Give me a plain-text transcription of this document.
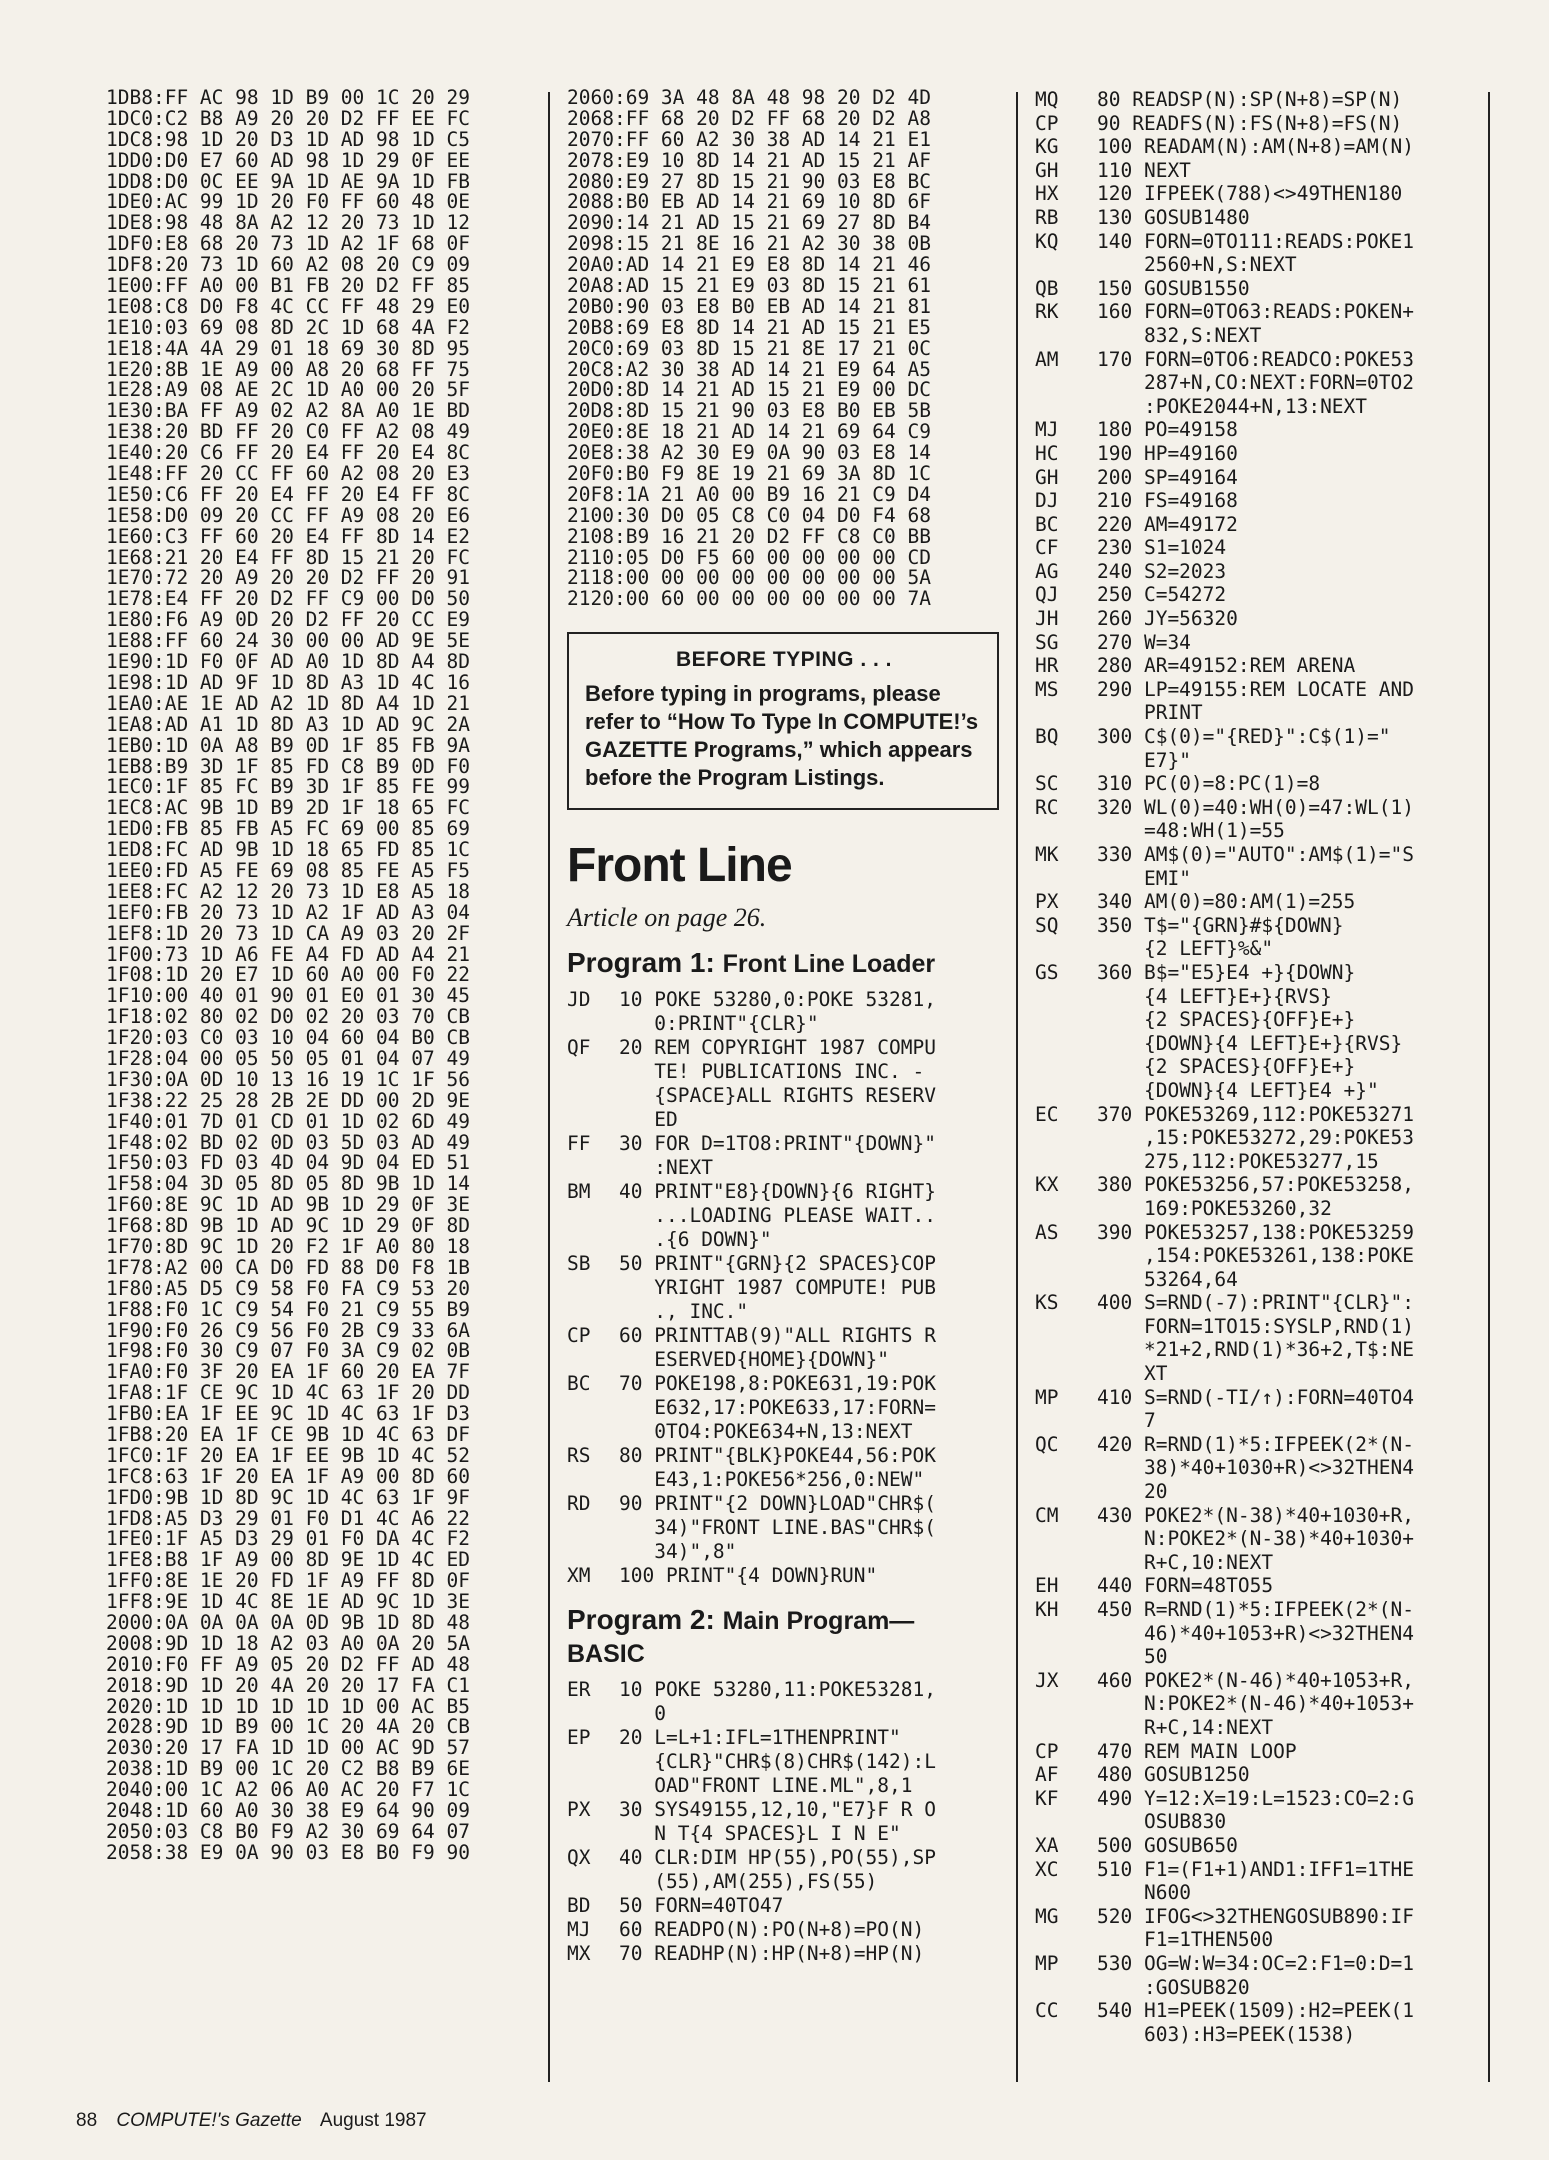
1DB8:FF AC 98 1D B9 00 1C 20 29
1DC0:C2 B8 A9 20 20 D2 FF EE FC
1DC8:98 1D 20 D3 1D AD 98 1D C5
1DD0:D0 E7 60 AD 98 1D 29 0F EE
1DD8:D0 0C EE 9A 1D AE 9A 1D FB
1DE0:AC 99 1D 20 F0 FF 60 48 0E
1DE8:98 48 8A A2 12 20 73 1D 12
1DF0:E8 68 20 73 1D A2 1F 68 0F
1DF8:20 73 1D 60 A2 08 20 C9 09
1E00:FF A0 00 B1 FB 20 D2 FF 85
1E08:C8 D0 F8 4C CC FF 48 29 E0
1E10:03 69 08 8D 2C 1D 68 4A F2
1E18:4A 4A 29 01 18 69 30 8D 95
1E20:8B 1E A9 00 A8 20 68 FF 75
1E28:A9 08 AE 2C 1D A0 00 20 5F
1E30:BA FF A9 02 A2 8A A0 1E BD
1E38:20 BD FF 20 C0 FF A2 08 49
1E40:20 C6 FF 20 E4 FF 20 E4 8C
1E48:FF 20 CC FF 60 A2 08 20 E3
1E50:C6 FF 20 E4 FF 20 E4 FF 8C
1E58:D0 09 20 CC FF A9 08 20 E6
1E60:C3 FF 60 20 E4 FF 8D 14 E2
1E68:21 20 E4 FF 8D 15 21 20 FC
1E70:72 20 A9 20 20 D2 FF 20 91
1E78:E4 FF 20 D2 FF C9 00 D0 50
1E80:F6 A9 0D 20 D2 FF 20 CC E9
1E88:FF 60 24 30 00 00 AD 9E 5E
1E90:1D F0 0F AD A0 1D 8D A4 8D
1E98:1D AD 9F 1D 8D A3 1D 4C 16
1EA0:AE 1E AD A2 1D 8D A4 1D 21
1EA8:AD A1 1D 8D A3 1D AD 9C 2A
1EB0:1D 0A A8 B9 0D 1F 85 FB 9A
1EB8:B9 3D 1F 85 FD C8 B9 0D F0
1EC0:1F 85 FC B9 3D 1F 85 FE 99
1EC8:AC 9B 1D B9 2D 1F 18 65 FC
1ED0:FB 85 FB A5 FC 69 00 85 69
1ED8:FC AD 9B 1D 18 65 FD 85 1C
1EE0:FD A5 FE 69 08 85 FE A5 F5
1EE8:FC A2 12 20 73 1D E8 A5 18
1EF0:FB 20 73 1D A2 1F AD A3 04
1EF8:1D 20 73 1D CA A9 03 20 2F
1F00:73 1D A6 FE A4 FD AD A4 21
1F08:1D 20 E7 1D 60 A0 00 F0 22
1F10:00 40 01 90 01 E0 01 30 45
1F18:02 80 02 D0 02 20 03 70 CB
1F20:03 C0 03 10 04 60 04 B0 CB
1F28:04 00 05 50 05 01 04 07 49
1F30:0A 0D 10 13 16 19 1C 1F 56
1F38:22 25 28 2B 2E DD 00 2D 9E
1F40:01 7D 01 CD 01 1D 02 6D 49
1F48:02 BD 02 0D 03 5D 03 AD 49
1F50:03 FD 03 4D 04 9D 04 ED 51
1F58:04 3D 05 8D 05 8D 9B 1D 14
1F60:8E 9C 1D AD 9B 1D 29 0F 3E
1F68:8D 9B 1D AD 9C 1D 29 0F 8D
1F70:8D 9C 1D 20 F2 1F A0 80 18
1F78:A2 00 CA D0 FD 88 D0 F8 1B
1F80:A5 D5 C9 58 F0 FA C9 53 20
1F88:F0 1C C9 54 F0 21 C9 55 B9
1F90:F0 26 C9 56 F0 2B C9 33 6A
1F98:F0 30 C9 07 F0 3A C9 02 0B
1FA0:F0 3F 20 EA 1F 60 20 EA 7F
1FA8:1F CE 9C 1D 4C 63 1F 20 DD
1FB0:EA 1F EE 9C 1D 4C 63 1F D3
1FB8:20 EA 1F CE 9B 1D 4C 63 DF
1FC0:1F 20 EA 1F EE 9B 1D 4C 52
1FC8:63 1F 20 EA 1F A9 00 8D 60
1FD0:9B 1D 8D 9C 1D 4C 63 1F 9F
1FD8:A5 D3 29 01 F0 D1 4C A6 22
1FE0:1F A5 D3 29 01 F0 DA 4C F2
1FE8:B8 1F A9 00 8D 9E 1D 4C ED
1FF0:8E 1E 20 FD 1F A9 FF 8D 0F
1FF8:9E 1D 4C 8E 1E AD 9C 1D 3E
2000:0A 0A 0A 0A 0D 9B 1D 8D 48
2008:9D 1D 18 A2 03 A0 0A 20 5A
2010:F0 FF A9 05 20 D2 FF AD 48
2018:9D 1D 20 4A 20 20 17 FA C1
2020:1D 1D 1D 1D 1D 1D 00 AC B5
2028:9D 1D B9 00 1C 20 4A 20 CB
2030:20 17 FA 1D 1D 00 AC 9D 57
2038:1D B9 00 1C 20 C2 B8 B9 6E
2040:00 1C A2 06 A0 AC 20 F7 1C
2048:1D 60 A0 30 38 E9 64 90 09
2050:03 C8 B0 F9 A2 30 69 64 07
2058:38 E9 0A 90 03 E8 B0 F9 90
2060:69 3A 48 8A 48 98 20 D2 4D
2068:FF 68 20 D2 FF 68 20 D2 A8
2070:FF 60 A2 30 38 AD 14 21 E1
2078:E9 10 8D 14 21 AD 15 21 AF
2080:E9 27 8D 15 21 90 03 E8 BC
2088:B0 EB AD 14 21 69 10 8D 6F
2090:14 21 AD 15 21 69 27 8D B4
2098:15 21 8E 16 21 A2 30 38 0B
20A0:AD 14 21 E9 E8 8D 14 21 46
20A8:AD 15 21 E9 03 8D 15 21 61
20B0:90 03 E8 B0 EB AD 14 21 81
20B8:69 E8 8D 14 21 AD 15 21 E5
20C0:69 03 8D 15 21 8E 17 21 0C
20C8:A2 30 38 AD 14 21 E9 64 A5
20D0:8D 14 21 AD 15 21 E9 00 DC
20D8:8D 15 21 90 03 E8 B0 EB 5B
20E0:8E 18 21 AD 14 21 69 64 C9
20E8:38 A2 30 E9 0A 90 03 E8 14
20F0:B0 F9 8E 19 21 69 3A 8D 1C
20F8:1A 21 A0 00 B9 16 21 C9 D4
2100:30 D0 05 C8 C0 04 D0 F4 68
2108:B9 16 21 20 D2 FF C8 C0 BB
2110:05 D0 F5 60 00 00 00 00 CD
2118:00 00 00 00 00 00 00 00 5A
2120:00 60 00 00 00 00 00 00 7A
BEFORE TYPING . . .

Before typing in programs, please refer to “How To Type In COMPUTE!’s GAZETTE Programs,” which appears before the Program Listings.

Front Line
Article on page 26.
Program 1: Front Line Loader
JD	10 POKE 53280,0:POKE 53281,
0:PRINT"{CLR}"
QF	20 REM COPYRIGHT 1987 COMPU
TE! PUBLICATIONS INC. -
{SPACE}ALL RIGHTS RESERV
ED
FF	30 FOR D=1TO8:PRINT"{DOWN}"
:NEXT
BM	40 PRINT"E8}{DOWN}{6 RIGHT}
...LOADING PLEASE WAIT..
.{6 DOWN}"
SB	50 PRINT"{GRN}{2 SPACES}COP
YRIGHT 1987 COMPUTE! PUB
., INC."
CP	60 PRINTTAB(9)"ALL RIGHTS R
ESERVED{HOME}{DOWN}"
BC	70 POKE198,8:POKE631,19:POK
E632,17:POKE633,17:FORN=
0TO4:POKE634+N,13:NEXT
RS	80 PRINT"{BLK}POKE44,56:POK
E43,1:POKE56*256,0:NEW"
RD	90 PRINT"{2 DOWN}LOAD"CHR$(
34)"FRONT LINE.BAS"CHR$(
34)",8"
XM	100 PRINT"{4 DOWN}RUN"
Program 2: Main Program—
BASIC
ER	10 POKE 53280,11:POKE53281,
0
EP	20 L=L+1:IFL=1THENPRINT"
{CLR}"CHR$(8)CHR$(142):L
OAD"FRONT LINE.ML",8,1
PX	30 SYS49155,12,10,"E7}F R O
N T{4 SPACES}L I N E"
QX	40 CLR:DIM HP(55),PO(55),SP
(55),AM(255),FS(55)
BD	50 FORN=40TO47
MJ	60 READPO(N):PO(N+8)=PO(N)
MX	70 READHP(N):HP(N+8)=HP(N)
MQ	80 READSP(N):SP(N+8)=SP(N)
CP	90 READFS(N):FS(N+8)=FS(N)
KG	100 READAM(N):AM(N+8)=AM(N)
GH	110 NEXT
HX	120 IFPEEK(788)<>49THEN180
RB	130 GOSUB1480
KQ	140 FORN=0TO111:READS:POKE1
2560+N,S:NEXT
QB	150 GOSUB1550
RK	160 FORN=0TO63:READS:POKEN+
832,S:NEXT
AM	170 FORN=0TO6:READCO:POKE53
287+N,CO:NEXT:FORN=0TO2
:POKE2044+N,13:NEXT
MJ	180 PO=49158
HC	190 HP=49160
GH	200 SP=49164
DJ	210 FS=49168
BC	220 AM=49172
CF	230 S1=1024
AG	240 S2=2023
QJ	250 C=54272
JH	260 JY=56320
SG	270 W=34
HR	280 AR=49152:REM ARENA
MS	290 LP=49155:REM LOCATE AND
PRINT
BQ	300 C$(0)="{RED}":C$(1)="
E7}"
SC	310 PC(0)=8:PC(1)=8
RC	320 WL(0)=40:WH(0)=47:WL(1)
=48:WH(1)=55
MK	330 AM$(0)="AUTO":AM$(1)="S
EMI"
PX	340 AM(0)=80:AM(1)=255
SQ	350 T$="{GRN}#${DOWN}
{2 LEFT}%&"
GS	360 B$="E5}E4 +}{DOWN}
{4 LEFT}E+}{RVS}
{2 SPACES}{OFF}E+}
{DOWN}{4 LEFT}E+}{RVS}
{2 SPACES}{OFF}E+}
{DOWN}{4 LEFT}E4 +}"
EC	370 POKE53269,112:POKE53271
,15:POKE53272,29:POKE53
275,112:POKE53277,15
KX	380 POKE53256,57:POKE53258,
169:POKE53260,32
AS	390 POKE53257,138:POKE53259
,154:POKE53261,138:POKE
53264,64
KS	400 S=RND(-7):PRINT"{CLR}":
FORN=1TO15:SYSLP,RND(1)
*21+2,RND(1)*36+2,T$:NE
XT
MP	410 S=RND(-TI/↑):FORN=40TO4
7
QC	420 R=RND(1)*5:IFPEEK(2*(N-
38)*40+1030+R)<>32THEN4
20
CM	430 POKE2*(N-38)*40+1030+R,
N:POKE2*(N-38)*40+1030+
R+C,10:NEXT
EH	440 FORN=48TO55
KH	450 R=RND(1)*5:IFPEEK(2*(N-
46)*40+1053+R)<>32THEN4
50
JX	460 POKE2*(N-46)*40+1053+R,
N:POKE2*(N-46)*40+1053+
R+C,14:NEXT
CP	470 REM MAIN LOOP
AF	480 GOSUB1250
KF	490 Y=12:X=19:L=1523:CO=2:G
OSUB830
XA	500 GOSUB650
XC	510 F1=(F1+1)AND1:IFF1=1THE
N600
MG	520 IFOG<>32THENGOSUB890:IF
F1=1THEN500
MP	530 OG=W:W=34:OC=2:F1=0:D=1
:GOSUB820
CC	540 H1=PEEK(1509):H2=PEEK(1
603):H3=PEEK(1538)
88 COMPUTE!'s Gazette August 1987
